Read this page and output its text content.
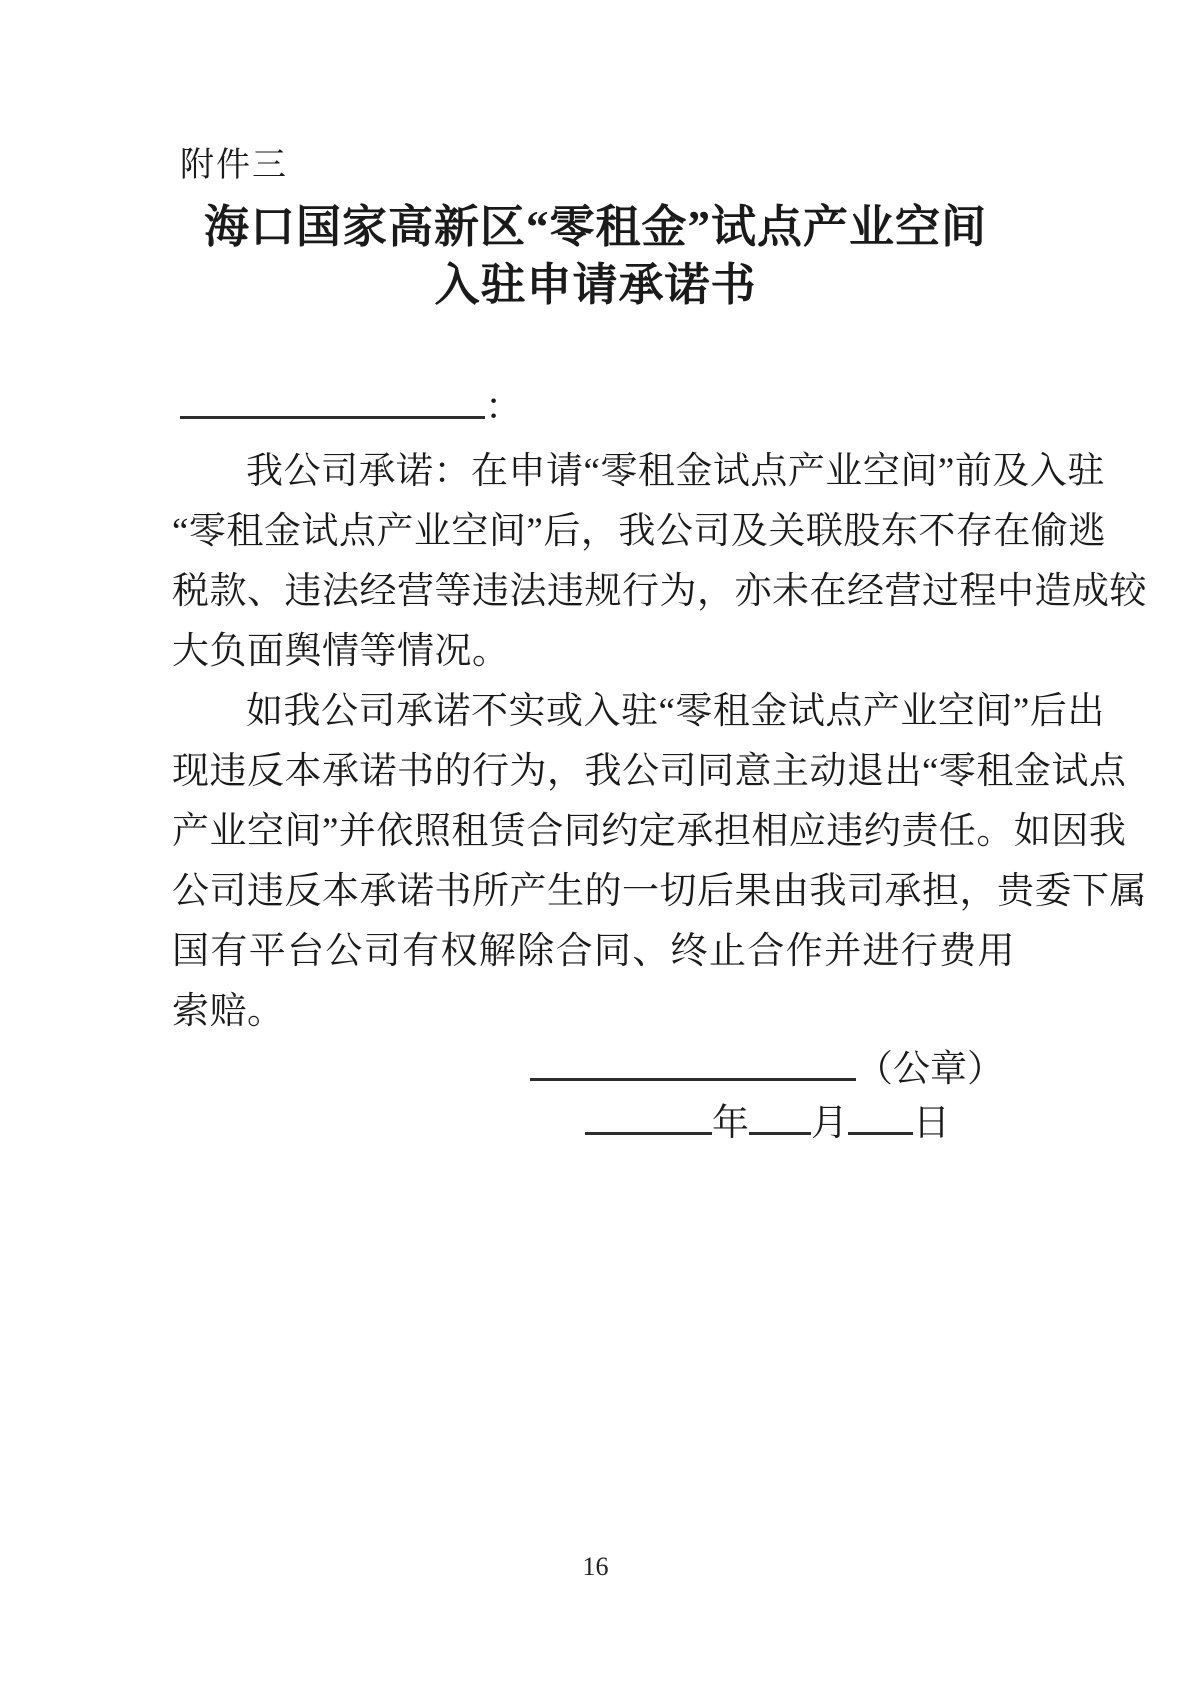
附件三
海口国家高新区“零租金”试点产业空间
入驻申请承诺书
：
我公司承诺：在申请“零租金试点产业空间”前及入驻
“零租金试点产业空间”后，我公司及关联股东不存在偷逃
税款、违法经营等违法违规行为，亦未在经营过程中造成较
大负面舆情等情况。
如我公司承诺不实或入驻“零租金试点产业空间”后出
现违反本承诺书的行为，我公司同意主动退出“零租金试点
产业空间”并依照租赁合同约定承担相应违约责任。如因我
公司违反本承诺书所产生的一切后果由我司承担，贵委下属
国有平台公司有权解除合同、终止合作并进行费用索赔。
（公章）
年 月 日
16
